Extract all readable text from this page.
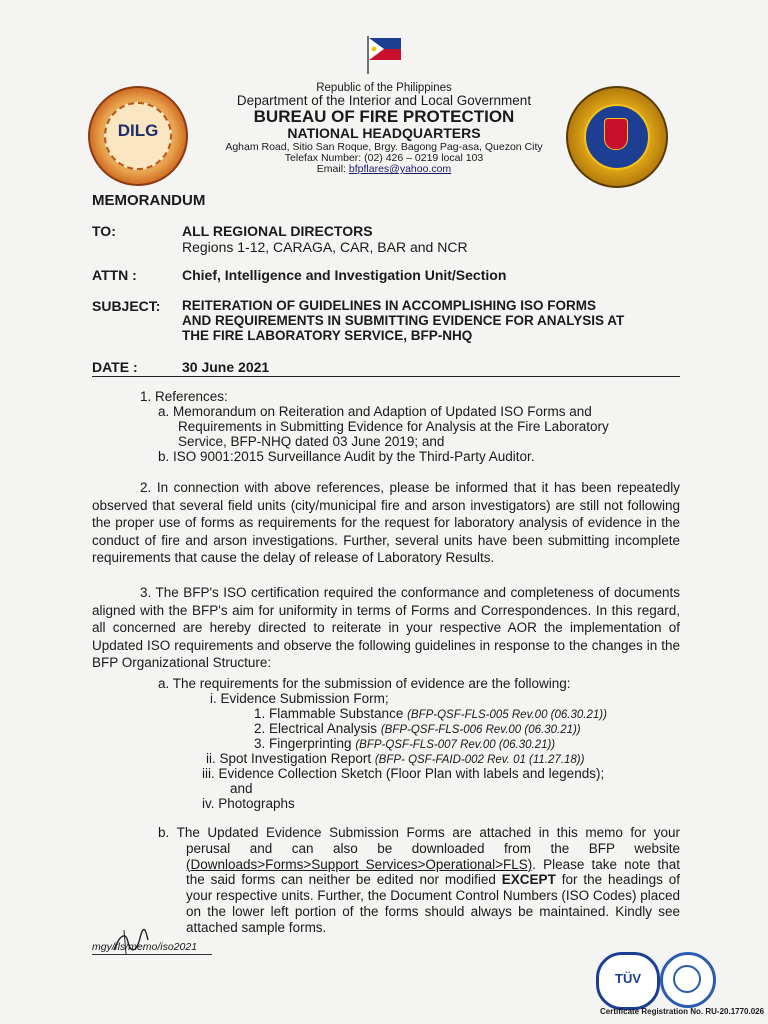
DILG
Republic of the Philippines
Department of the Interior and Local Government
BUREAU OF FIRE PROTECTION
NATIONAL HEADQUARTERS
Agham Road, Sitio San Roque, Brgy. Bagong Pag-asa, Quezon City
Telefax Number: (02) 426 – 0219 local 103
Email: bfpflares@yahoo.com
MEMORANDUM
TO:	ALL REGIONAL DIRECTORS
Regions 1-12, CARAGA, CAR, BAR and NCR
ATTN :	Chief, Intelligence and Investigation Unit/Section
SUBJECT: REITERATION OF GUIDELINES IN ACCOMPLISHING ISO FORMS
AND REQUIREMENTS IN SUBMITTING EVIDENCE FOR ANALYSIS AT
THE FIRE LABORATORY SERVICE, BFP-NHQ
DATE :	30 June 2021
1. References:
a. Memorandum on Reiteration and Adaption of Updated ISO Forms and
Requirements in Submitting Evidence for Analysis at the Fire Laboratory
Service, BFP-NHQ dated 03 June 2019; and
b. ISO 9001:2015 Surveillance Audit by the Third-Party Auditor.
2. In connection with above references, please be informed that it has been repeatedly observed that several field units (city/municipal fire and arson investigators) are still not following the proper use of forms as requirements for the request for laboratory analysis of evidence in the conduct of fire and arson investigations. Further, several units have been submitting incomplete requirements that cause the delay of release of Laboratory Results.
3. The BFP's ISO certification required the conformance and completeness of documents aligned with the BFP's aim for uniformity in terms of Forms and Correspondences. In this regard, all concerned are hereby directed to reiterate in your respective AOR the implementation of Updated ISO requirements and observe the following guidelines in response to the changes in the BFP Organizational Structure:
a. The requirements for the submission of evidence are the following:
i. Evidence Submission Form;
1. Flammable Substance (BFP-QSF-FLS-005 Rev.00 (06.30.21))
2. Electrical Analysis (BFP-QSF-FLS-006 Rev.00 (06.30.21))
3. Fingerprinting (BFP-QSF-FLS-007 Rev.00 (06.30.21))
ii. Spot Investigation Report (BFP- QSF-FAID-002 Rev. 01 (11.27.18))
iii. Evidence Collection Sketch (Floor Plan with labels and legends);
and
iv. Photographs
b. The Updated Evidence Submission Forms are attached in this memo for your perusal and can also be downloaded from the BFP website (Downloads>Forms>Support Services>Operational>FLS). Please take note that the said forms can neither be edited nor modified EXCEPT for the headings of your respective units. Further, the Document Control Numbers (ISO Codes) placed on the lower left portion of the forms should always be maintained. Kindly see attached sample forms.
mgy/fls/memo/iso2021
TÜV
Certificate Registration No. RU-20.1770.026
